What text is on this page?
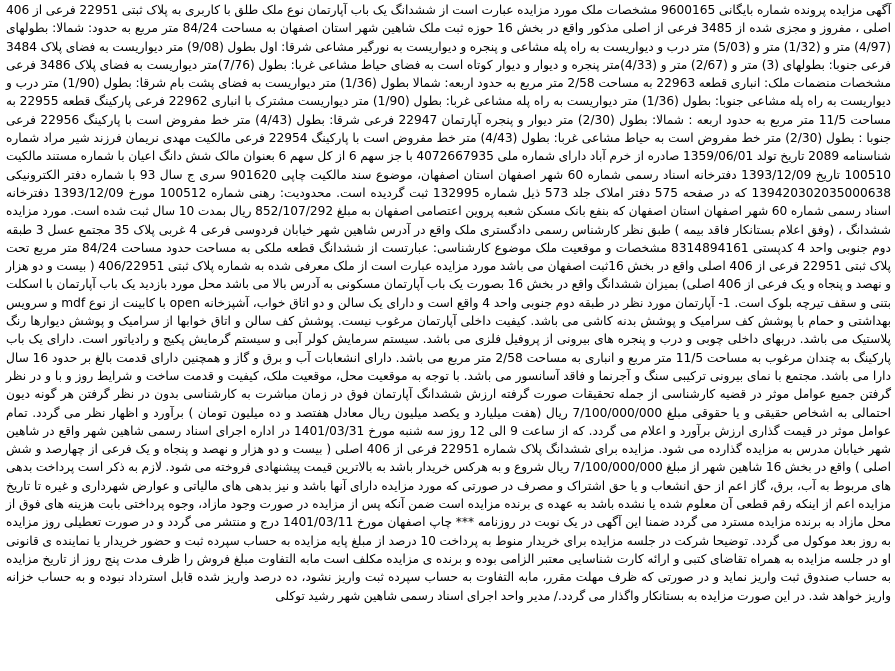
آگهی مزایده پرونده شماره بایگانی 9600165 مشخصات ملک مورد مزایده عبارت است از ششدانگ یک باب آپارتمان نوع ملک طلق با کاربری به پلاک ثبتی 22951 فرعی از 406 اصلی ، مفروز و مجزی شده از 3485 فرعی از اصلی مذکور واقع در بخش 16 حوزه ثبت ملک شاهین شهر استان اصفهان به مساحت 84/24 متر مربع به حدود: شمالا: بطولهای (4/97) متر و (1/32) متر و (5/03) متر درب و دیواریست به راه پله مشاعی و پنجره و دیواریست به نورگیر مشاعی شرقا: اول بطول (9/08) متر دیواریست به فضای پلاک 3484 فرعی جنوبا: بطولهای (3) متر و (2/67) متر و (4/33)متر پنجره و دیوار و دیوار کوتاه است به فضای حیاط مشاعی غربا: بطول (7/76)متر دیواریست به فضای پلاک 3486 فرعی مشخصات منضمات ملک: انباری قطعه 22963 به مساحت 2/58 متر مربع به حدود اربعه: شمالا بطول (1/36) متر دیواریست به فضای پشت بام شرقا: بطول (1/90) متر درب و دیواریست به راه پله مشاعی جنوبا: بطول (1/36) متر دیواریست به راه پله مشاعی غربا: بطول (1/90) متر دیواریست مشترک با انباری 22962 فرعی پارکینگ قطعه 22955 به مساحت 11/5 متر مربع به حدود اربعه : شمالا: بطول (2/30) متر دیوار و پنجره آپارتمان 22947 فرعی شرقا: بطول (4/43) متر خط مفروض است با پارکینگ 22956 فرعی جنوبا : بطول (2/30) متر خط مفروض است به حیاط مشاعی غربا: بطول (4/43) متر خط مفروض است با پارکینگ 22954 فرعی مالکیت مهدی نریمان فرزند شیر مراد شماره شناسنامه 2089 تاریخ تولد 1359/06/01 صادره از خرم آباد دارای شماره ملی 4072667935 با جز سهم 6 از کل سهم 6 بعنوان مالک شش دانگ اعیان با شماره مستند مالکیت 100510 تاریخ 1393/12/09 دفترخانه اسناد رسمی شماره 60 شهر اصفهان استان اصفهان، موضوع سند مالکیت چاپی 901620 سری ج سال 93 با شماره دفتر الکترونیکی 139420302035000638 که در صفحه 575 دفتر املاک جلد 573 ذیل شماره 132995 ثبت گردیده است. محدودیت: رهنی شماره 100512 مورخ 1393/12/09 دفترخانه اسناد رسمی شماره 60 شهر اصفهان استان اصفهان که بنفع بانک مسکن شعبه پروین اعتصامی اصفهان به مبلغ 852/107/292 ریال بمدت 10 سال ثبت شده است. مورد مزایده ششدانگ ، (وفق اعلام بستانکار فاقد بیمه ) طبق نظر کارشناس رسمی دادگستری ملک واقع در آدرس شاهین شهر خیابان فردوسی فرعی 4 غربی پلاک 35 مجتمع عسل 3 طبقه دوم جنوبی واحد 4 کدپستی 8314894161 مشخصات و موقعیت ملک موضوع کارشناسی: عبارتست از ششدانگ قطعه ملکی به مساحت حدود مساحت 84/24 متر مربع تحت پلاک ثبتی 22951 فرعی از 406 اصلی واقع در بخش 16ثبت اصفهان می باشد مورد مزایده عبارت است از ملک معرفی شده به شماره پلاک ثبتی 406/22951 ( بیست و دو هزار و نهصد و پنجاه و یک فرعی از 406 اصلی) بمیزان ششدانگ واقع در بخش 16 بصورت یک باب آپارتمان مسکونی به آدرس بالا می باشد محل مورد بازدید یک باب آپارتمان با اسکلت بتنی و سقف تیرچه بلوک است. 1- آپارتمان مورد نظر در طبقه دوم جنوبی واحد 4 واقع است و دارای یک سالن و دو اتاق خواب، آشپزخانه open با کابینت از نوع mdf و سرویس بهداشتی و حمام با پوشش کف سرامیک و پوشش بدنه کاشی می باشد. کیفیت داخلی آپارتمان مرغوب نیست. پوشش کف سالن و اتاق خوابها از سرامیک و پوشش دیوارها رنگ پلاستیک می باشد. دربهای داخلی چوبی و درب و پنجره های بیرونی از پروفیل فلزی می باشد. سیستم سرمایش کولر آبی و سیستم گرمایش پکیج و رادیاتور است. دارای یک باب پارکینگ به چندان مرغوب به مساحت 11/5 متر مربع و انباری به مساحت 2/58 متر مربع می باشد. دارای انشعابات آب و برق و گاز و همچنین دارای قدمت بالغ بر حدود 16 سال دارا می باشد. مجتمع با نمای بیرونی ترکیبی سنگ و آجرنما و فاقد آسانسور می باشد. با توجه به موقعیت محل، موقعیت ملک، کیفیت و قدمت ساخت و شرایط روز و با و در نظر گرفتن جمیع عوامل موثر در قضیه کارشناسی از جمله تحقیقات صورت گرفته ارزش ششدانگ آپارتمان فوق در زمان مباشرت به کارشناسی بدون در نظر گرفتن هر گونه دیون احتمالی به اشخاص حقیقی و یا حقوقی مبلغ 7/100/000/000 ریال (هفت میلیارد و یکصد میلیون ریال معادل هفتصد و ده میلیون تومان ) برآورد و اظهار نظر می گردد. تمام عوامل موثر در قیمت گذاری ارزش برآورد و اعلام می گردد. که از ساعت 9 الی 12 روز سه شنبه مورخ 1401/03/31 در اداره اجرای اسناد رسمی شاهین شهر واقع در شاهین شهر خیابان مدرس به مزایده گذارده می شود. مزایده برای ششدانگ پلاک شماره 22951 فرعی از 406 اصلی ( بیست و دو هزار و نهصد و پنجاه و یک فرعی از چهارصد و شش اصلی ) واقع در بخش 16 شاهین شهر از مبلغ 7/100/000/000 ریال شروع و به هرکس خریدار باشد به بالاترین قیمت پیشنهادی فروخته می شود. لازم به ذکر است پرداخت بدهی های مربوط به آب، برق، گاز اعم از حق انشعاب و یا حق اشتراک و مصرف در صورتی که مورد مزایده دارای آنها باشد و نیز بدهی های مالیاتی و عوارض شهرداری و غیره تا تاریخ مزایده اعم از اینکه رقم قطعی آن معلوم شده یا نشده باشد به عهده ی برنده مزایده است ضمن آنکه پس از مزایده در صورت وجود مازاد، وجوه پرداختی بابت هزینه های فوق از محل مازاد به برنده مزایده مسترد می گردد ضمنا این آگهی در یک نوبت در روزنامه *** چاپ اصفهان مورخ 1401/03/11 درج و منتشر می گردد و در صورت تعطیلی روز مزایده به روز بعد موکول می گردد. توضیحا شرکت در جلسه مزایده برای خریدار منوط به پرداخت 10 درصد از مبلغ پایه مزایده به حساب سپرده ثبت و حضور خریدار یا نماینده ی قانونی او در جلسه مزایده به همراه تقاضای کتبی و ارائه کارت شناسایی معتبر الزامی بوده و برنده ی مزایده مکلف است مابه التفاوت مبلغ فروش را ظرف مدت پنج روز از تاریخ مزایده به حساب صندوق ثبت واریز نماید و در صورتی که ظرف مهلت مقرر، مابه التفاوت به حساب سپرده ثبت واریز نشود، ده درصد واریز شده قابل استرداد نبوده و به حساب خزانه واریز خواهد شد. در این صورت مزایده به بستانکار واگذار می گردد./ مدیر واحد اجرای اسناد رسمی شاهین شهر رشید توکلی
